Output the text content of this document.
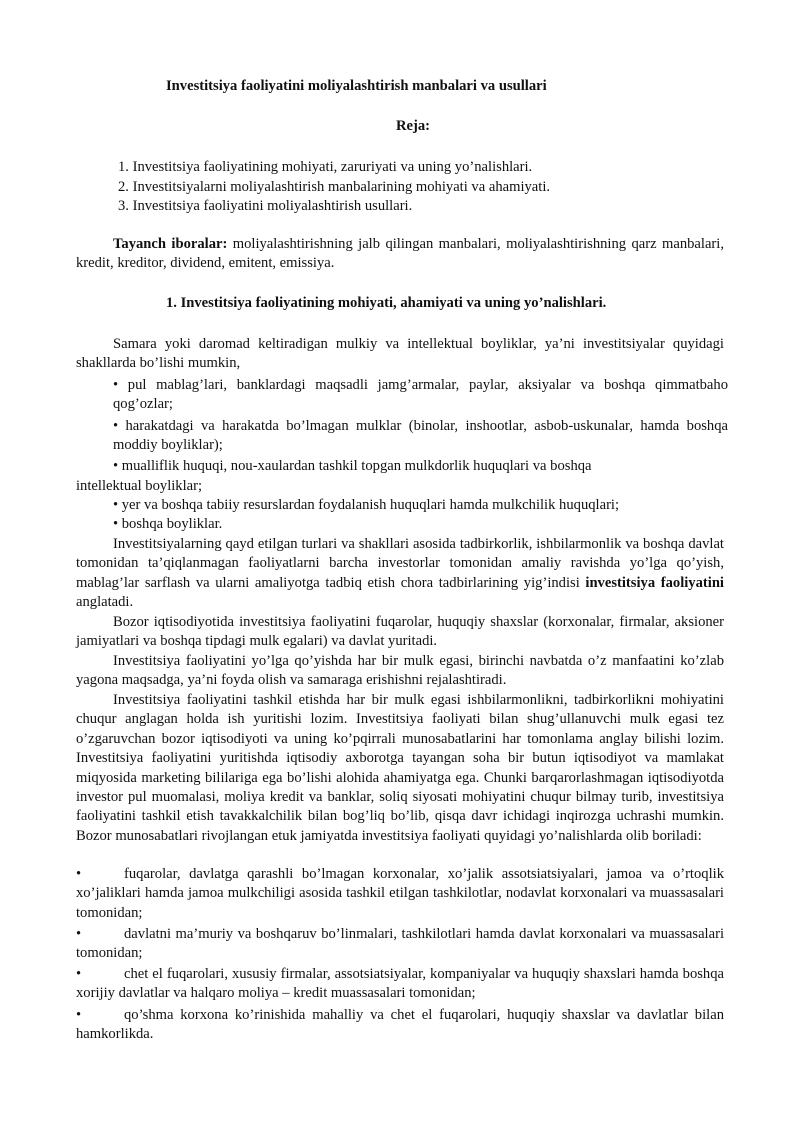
Investitsiya faoliyatini moliyalashtirish manbalari va usullari
Reja:
1. Investitsiya faoliyatining mohiyati, zaruriyati va uning yo’nalishlari.
2. Investitsiyalarni moliyalashtirish manbalarining mohiyati va ahamiyati.
3. Investitsiya faoliyatini moliyalashtirish usullari.
Tayanch iboralar: moliyalashtirishning jalb qilingan manbalari, moliyalashtirishning qarz manbalari, kredit, kreditor, dividend, emitent, emissiya.
1. Investitsiya faoliyatining mohiyati, ahamiyati va uning yo’nalishlari.
Samara yoki daromad keltiradigan mulkiy va intellektual boyliklar, ya’ni investitsiyalar quyidagi shakllarda bo’lishi mumkin,
• pul mablag’lari, banklardagi maqsadli jamg’armalar, paylar, aksiyalar va boshqa qimmatbaho qog’ozlar;
• harakatdagi va harakatda bo’lmagan mulklar (binolar, inshootlar, asbob-uskunalar, hamda boshqa moddiy boyliklar);
• mualliflik huquqi, nou-xaulardan tashkil topgan mulkdorlik huquqlari va boshqa
intellektual boyliklar;
• yer va boshqa tabiiy resurslardan foydalanish huquqlari hamda mulkchilik huquqlari;
• boshqa boyliklar.
Investitsiyalarning qayd etilgan turlari va shakllari asosida tadbirkorlik, ishbilarmonlik va boshqa davlat tomonidan ta’qiqlanmagan faoliyatlarni barcha investorlar tomonidan amaliy ravishda yo’lga qo’yish, mablag’lar sarflash va ularni amaliyotga tadbiq etish chora tadbirlarining yig’indisi investitsiya faoliyatini anglatadi.
Bozor iqtisodiyotida investitsiya faoliyatini fuqarolar, huquqiy shaxslar (korxonalar, firmalar, aksioner jamiyatlari va boshqa tipdagi mulk egalari) va davlat yuritadi.
Investitsiya faoliyatini yo’lga qo’yishda har bir mulk egasi, birinchi navbatda o’z manfaatini ko’zlab yagona maqsadga, ya’ni foyda olish va samaraga erishishni rejalashtiradi.
Investitsiya faoliyatini tashkil etishda har bir mulk egasi ishbilarmonlikni, tadbirkorlikni mohiyatini chuqur anglagan holda ish yuritishi lozim. Investitsiya faoliyati bilan shug’ullanuvchi mulk egasi tez o’zgaruvchan bozor iqtisodiyoti va uning ko’pqirrali munosabatlarini har tomonlama anglay bilishi lozim. Investitsiya faoliyatini yuritishda iqtisodiy axborotga tayangan soha bir butun iqtisodiyot va mamlakat miqyosida marketing bililariga ega bo’lishi alohida ahamiyatga ega. Chunki barqarorlashmagan iqtisodiyotda investor pul muomalasi, moliya kredit va banklar, soliq siyosati mohiyatini chuqur bilmay turib, investitsiya faoliyatini tashkil etish tavakkalchilik bilan bog’liq bo’lib, qisqa davr ichidagi inqirozga uchrashi mumkin. Bozor munosabatlari rivojlangan etuk jamiyatda investitsiya faoliyati quyidagi yo’nalishlarda olib boriladi:
•	fuqarolar, davlatga qarashli bo’lmagan korxonalar, xo’jalik assotsiatsiyalari, jamoa va o’rtoqlik xo’jaliklari hamda jamoa mulkchiligi asosida tashkil etilgan tashkilotlar, nodavlat korxonalari va muassasalari tomonidan;
•	davlatni ma’muriy va boshqaruv bo’linmalari, tashkilotlari hamda davlat korxonalari va muassasalari tomonidan;
•	chet el fuqarolari, xususiy firmalar, assotsiatsiyalar, kompaniyalar va huquqiy shaxslari hamda boshqa xorijiy davlatlar va halqaro moliya – kredit muassasalari tomonidan;
•	qo’shma korxona ko’rinishida mahalliy va chet el fuqarolari, huquqiy shaxslar va davlatlar bilan hamkorlikda.
